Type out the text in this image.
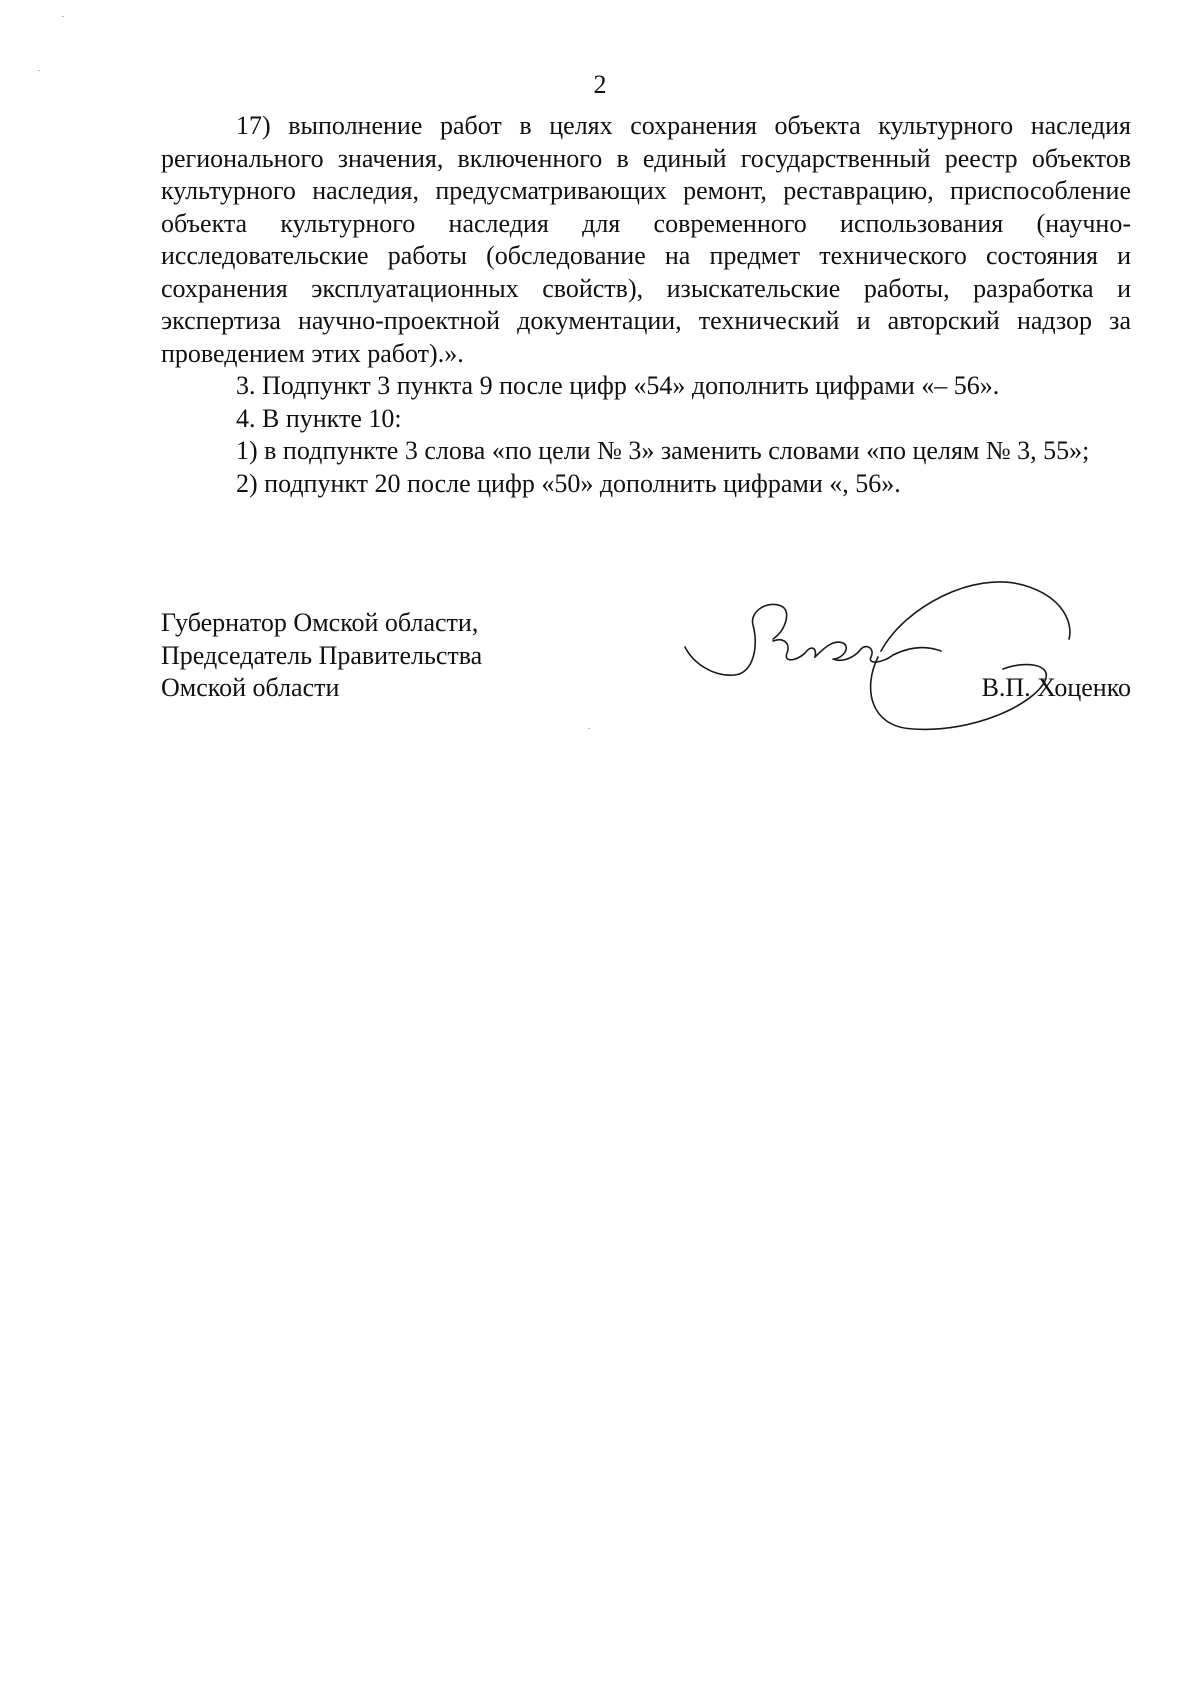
2

17) выполнение работ в целях сохранения объекта культурного наследия регионального значения, включенного в единый государственный реестр объектов культурного наследия, предусматривающих ремонт, реставрацию, приспособление объекта культурного наследия для современного использования (научно-исследовательские работы (обследование на предмет технического состояния и сохранения эксплуатационных свойств), изыскательские работы, разработка и экспертиза научно-проектной документации, технический и авторский надзор за проведением этих работ).».

3. Подпункт 3 пункта 9 после цифр «54» дополнить цифрами «– 56».

4. В пункте 10:

1) в подпункте 3 слова «по цели № 3» заменить словами «по целям № 3, 55»;

2) подпункт 20 после цифр «50» дополнить цифрами «, 56».

Губернатор Омской области,
Председатель Правительства
Омской области	В.П. Хоценко
